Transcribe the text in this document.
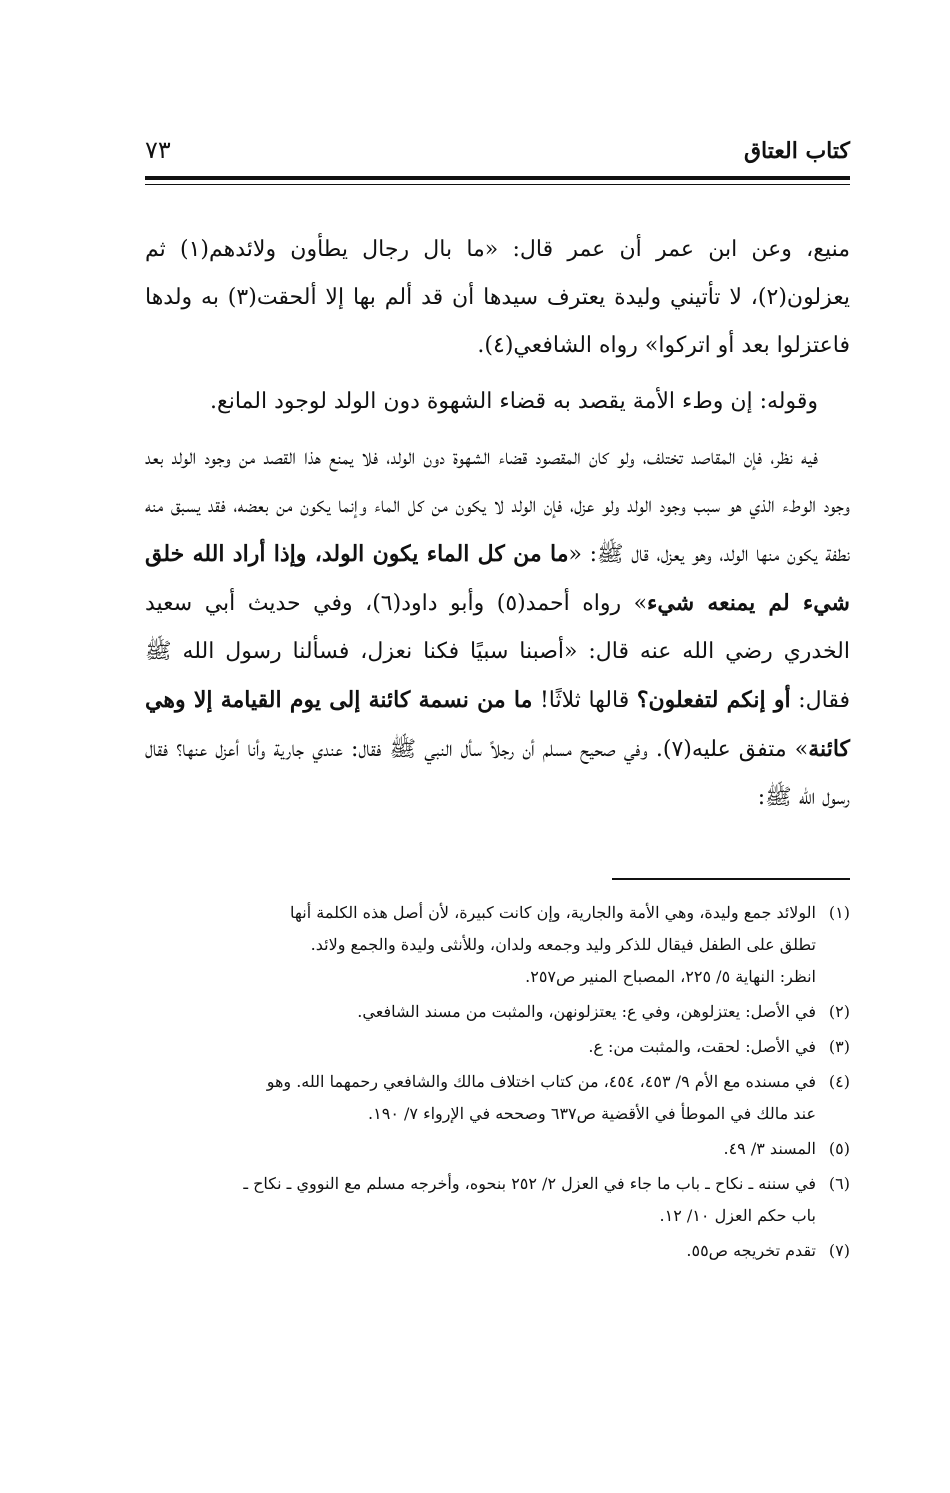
كتاب العتاق
٧٣

منيع، وعن ابن عمر أن عمر قال: «ما بال رجال يطأون ولائدهم(١) ثم يعزلون(٢)، لا تأتيني وليدة يعترف سيدها أن قد ألم بها إلا ألحقت(٣) به ولدها فاعتزلوا بعد أو اتركوا» رواه الشافعي(٤).

وقوله: إن وطء الأمة يقصد به قضاء الشهوة دون الولد لوجود المانع.

فيه نظر، فإن المقاصد تختلف، ولو كان المقصود قضاء الشهوة دون الولد، فلا يمنع هذا القصد من وجود الولد بعد وجود الوطء الذي هو سبب وجود الولد ولو عزل، فإن الولد لا يكون من كل الماء وإنما يكون من بعضه، فقد يسبق منه نطفة يكون منها الولد، وهو يعزل، قال ﷺ: «ما من كل الماء يكون الولد، وإذا أراد الله خلق شيء لم يمنعه شيء» رواه أحمد(٥) وأبو داود(٦)، وفي حديث أبي سعيد الخدري رضي الله عنه قال: «أصبنا سبيًا فكنا نعزل، فسألنا رسول الله ﷺ فقال: أو إنكم لتفعلون؟ قالها ثلاثًا! ما من نسمة كائنة إلى يوم القيامة إلا وهي كائنة» متفق عليه(٧). وفي صحيح مسلم أن رجلاً سأل النبي ﷺ فقال: عندي جارية وأنا أعزل عنها؟ فقال رسول الله ﷺ:

(١)
الولائد جمع وليدة، وهي الأمة والجارية، وإن كانت كبيرة، لأن أصل هذه الكلمة أنها
تطلق على الطفل فيقال للذكر وليد وجمعه ولدان، وللأنثى وليدة والجمع ولائد.
انظر: النهاية ٥/ ٢٢٥، المصباح المنير ص٢٥٧.
(٢)
في الأصل: يعتزلوهن، وفي ع: يعتزلونهن، والمثبت من مسند الشافعي.
(٣)
في الأصل: لحقت، والمثبت من: ع.
(٤)
في مسنده مع الأم ٩/ ٤٥٣، ٤٥٤، من كتاب اختلاف مالك والشافعي رحمهما الله. وهو
عند مالك في الموطأ في الأقضية ص٦٣٧ وصححه في الإرواء ٧/ ١٩٠.
(٥)
المسند ٣/ ٤٩.
(٦)
في سننه ـ نكاح ـ باب ما جاء في العزل ٢/ ٢٥٢ بنحوه، وأخرجه مسلم مع النووي ـ نكاح ـ
باب حكم العزل ١٠/ ١٢.
(٧)
تقدم تخريجه ص٥٥.
